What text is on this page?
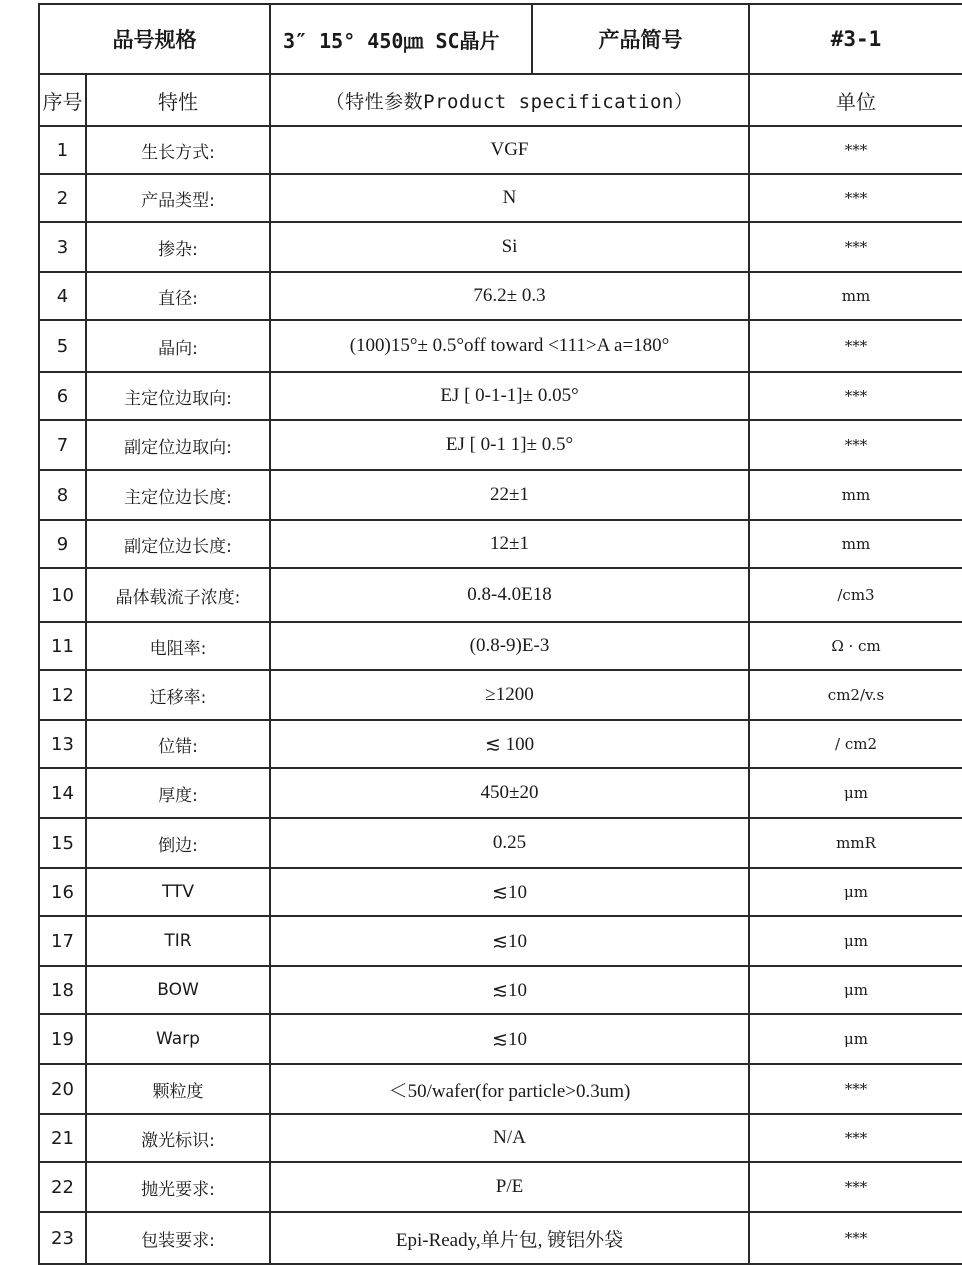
品号规格		3″ 15° 450㎛ SC晶片	产品简号	#3-1
序号	特性	（特性参数Product specification）		单位
1	生长方式:	VGF		***
2	产品类型:	N		***
3	掺杂:	Si		***
4	直径:	76.2± 0.3		mm
5	晶向:	(100)15°± 0.5°off toward <111>A a=180°		***
6	主定位边取向:	EJ [ 0-1-1]± 0.05°		***
7	副定位边取向:	EJ [ 0-1 1]± 0.5°		***
8	主定位边长度:	22±1		mm
9	副定位边长度:	12±1		mm
10	晶体载流子浓度:	0.8-4.0E18		/cm3
11	电阻率:	(0.8-9)E-3		Ω · cm
12	迁移率:	≥1200		cm2/v.s
13	位错:	≲ 100		/ cm2
14	厚度:	450±20		μm
15	倒边:	0.25		mmR
16	TTV	≲10		μm
17	TIR	≲10		μm
18	BOW	≲10		μm
19	Warp	≲10		μm
20	颗粒度	＜50/wafer(for particle>0.3um)		***
21	激光标识:	N/A		***
22	抛光要求:	P/E		***
23	包装要求:	Epi-Ready,单片包, 镀铝外袋		***
